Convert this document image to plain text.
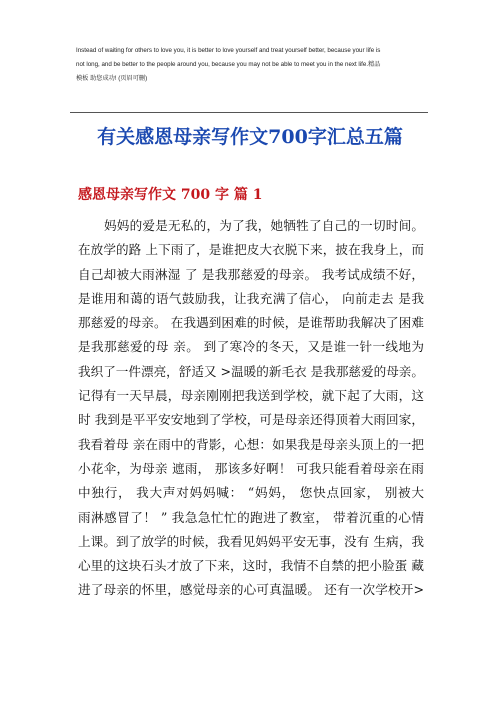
Instead of waiting for others to love you, it is better to love yourself and treat yourself better, because your life is
not long, and be better to the people around you, because you may not be able to meet you in the next life.精品
模板 助您成功! (页眉可删)
有关感恩母亲写作文700字汇总五篇
感恩母亲写作文 700 字 篇 1
妈妈的爱是无私的，为了我，她牺牲了自己的一切时间。
在放学的路 上下雨了，是谁把皮大衣脱下来，披在我身上，而
自己却被大雨淋湿 了 是我那慈爱的母亲。 我考试成绩不好，
是谁用和蔼的语气鼓励我，让我充满了信心， 向前走去 是我
那慈爱的母亲。 在我遇到困难的时候，是谁帮助我解决了困难
是我那慈爱的母 亲。 到了寒冷的冬天，又是谁一针一线地为
我织了一件漂亮，舒适又 >温暖的新毛衣 是我那慈爱的母亲。
记得有一天早晨，母亲刚刚把我送到学校，就下起了大雨，这
时 我到是平平安安地到了学校，可是母亲还得顶着大雨回家，
我看着母 亲在雨中的背影，心想：如果我是母亲头顶上的一把
小花伞，为母亲 遮雨， 那该多好啊！ 可我只能看着母亲在雨
中独行， 我大声对妈妈喊： “妈妈， 您快点回家， 别被大
雨淋感冒了！ ” 我急急忙忙的跑进了教室， 带着沉重的心情
上课。到了放学的时候，我看见妈妈平安无事，没有 生病，我
心里的这块石头才放了下来，这时，我情不自禁的把小脸蛋 藏
进了母亲的怀里，感觉母亲的心可真温暖。 还有一次学校开>
